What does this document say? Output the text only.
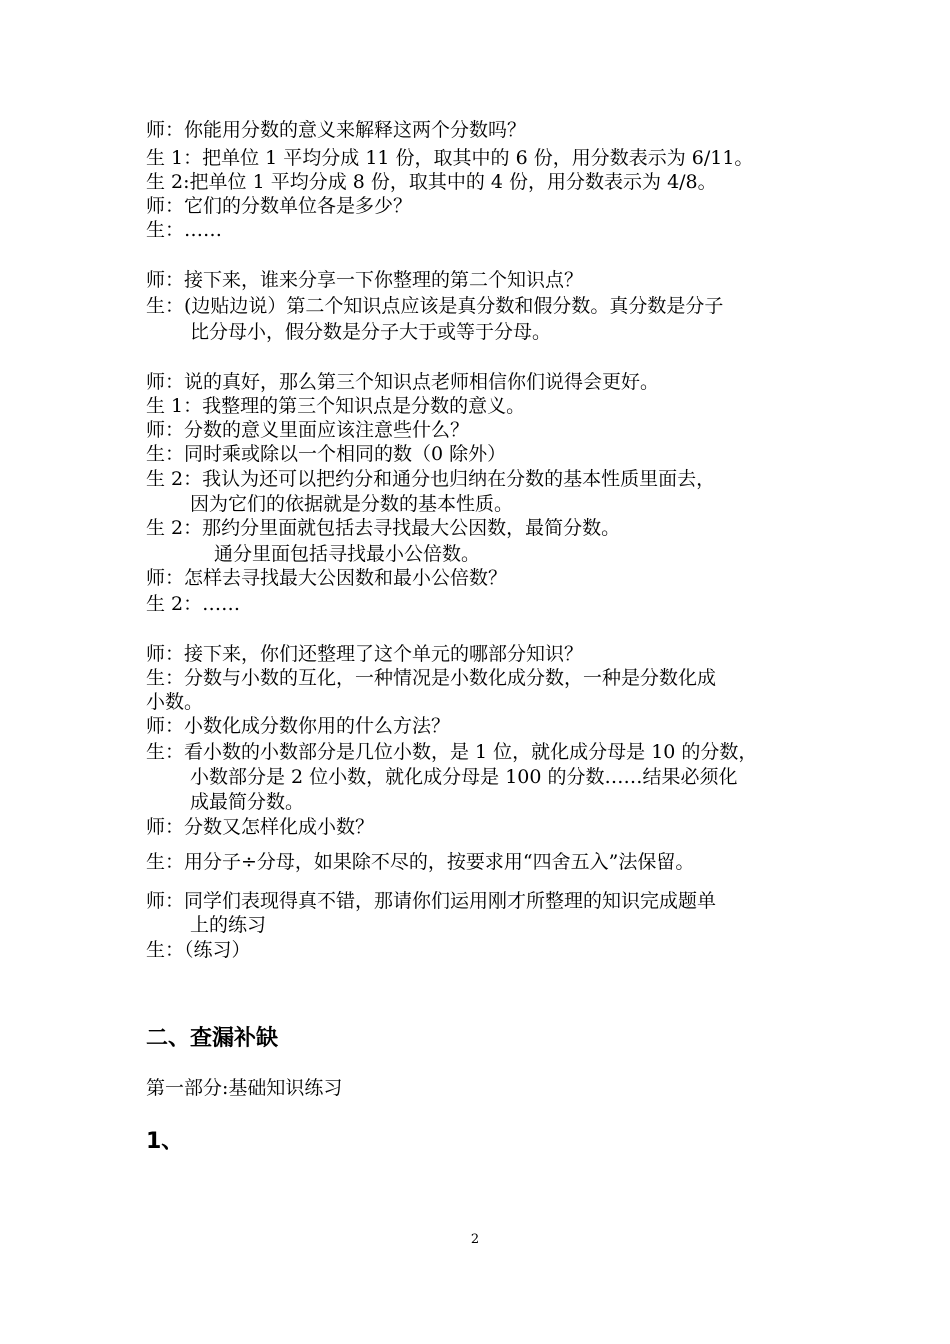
师：你能用分数的意义来解释这两个分数吗？
生 1：把单位 1 平均分成 11 份，取其中的 6 份，用分数表示为 6/11。
生 2:把单位 1 平均分成 8 份，取其中的 4 份，用分数表示为 4/8。
师：它们的分数单位各是多少？
生：……
师：接下来，谁来分享一下你整理的第二个知识点？
生：(边贴边说）第二个知识点应该是真分数和假分数。真分数是分子
比分母小，假分数是分子大于或等于分母。
师：说的真好，那么第三个知识点老师相信你们说得会更好。
生 1：我整理的第三个知识点是分数的意义。
师：分数的意义里面应该注意些什么？
生：同时乘或除以一个相同的数（0 除外）
生 2：我认为还可以把约分和通分也归纳在分数的基本性质里面去，
因为它们的依据就是分数的基本性质。
生 2：那约分里面就包括去寻找最大公因数，最简分数。
通分里面包括寻找最小公倍数。
师：怎样去寻找最大公因数和最小公倍数？
生 2：……
师：接下来，你们还整理了这个单元的哪部分知识？
生：分数与小数的互化，一种情况是小数化成分数，一种是分数化成
小数。
师：小数化成分数你用的什么方法？
生：看小数的小数部分是几位小数，是 1 位，就化成分母是 10 的分数，
小数部分是 2 位小数，就化成分母是 100 的分数……结果必须化
成最简分数。
师：分数又怎样化成小数？
生：用分子÷分母，如果除不尽的，按要求用“四舍五入”法保留。
师：同学们表现得真不错，那请你们运用刚才所整理的知识完成题单
上的练习
生：（练习）
二、查漏补缺
第一部分:基础知识练习
1、
2
